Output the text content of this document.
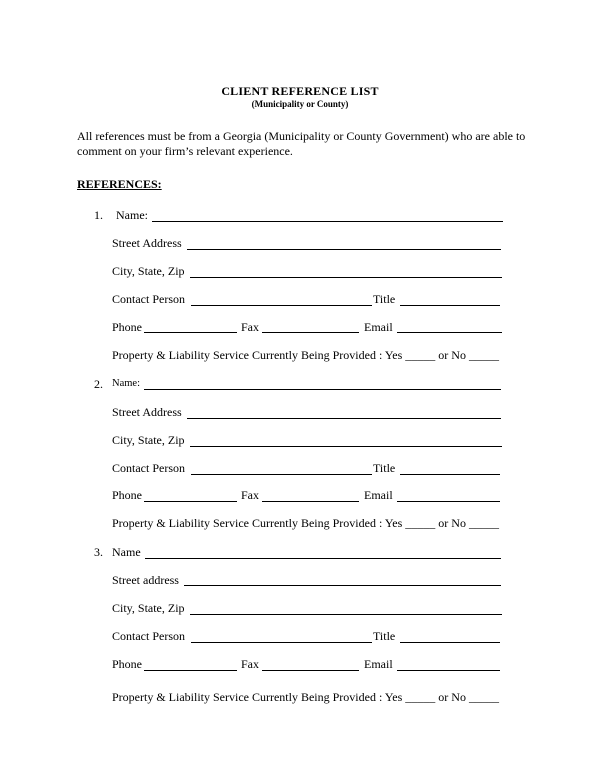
CLIENT REFERENCE LIST
(Municipality or County)
All references must be from a Georgia (Municipality or County Government) who are able to comment on your firm’s relevant experience.
REFERENCES:
1. Name:
Street Address
City, State, Zip
Contact Person	Title
Phone	Fax	Email
Property & Liability Service Currently Being Provided : Yes _____ or No _____
2. Name:
Street Address
City, State, Zip
Contact Person	Title
Phone	Fax	Email
Property & Liability Service Currently Being Provided : Yes _____ or No _____
3. Name
Street address
City, State, Zip
Contact Person	Title
Phone	Fax	Email
Property & Liability Service Currently Being Provided : Yes _____ or No _____
